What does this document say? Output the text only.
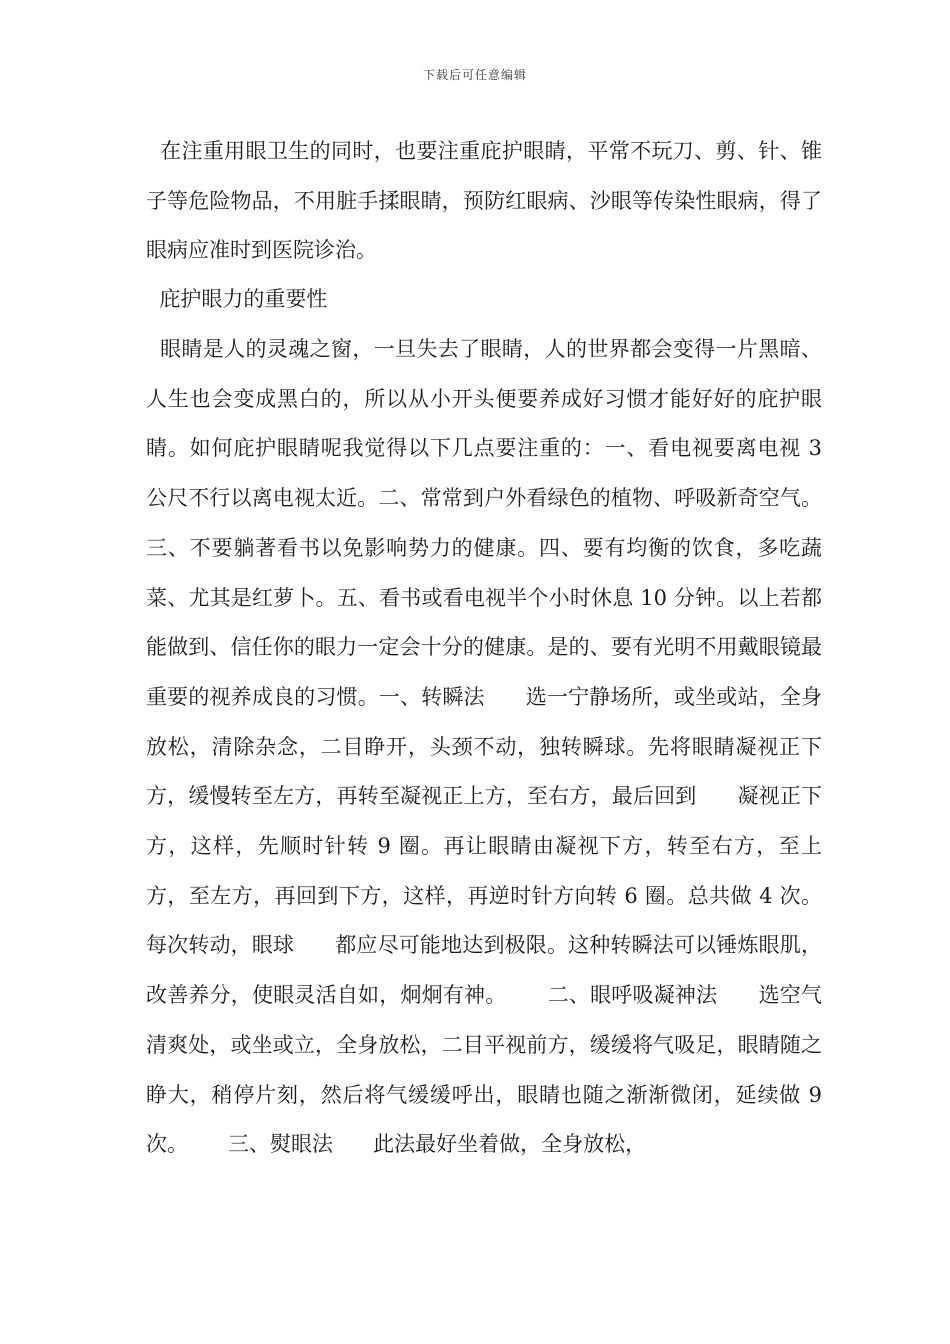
下载后可任意编辑

在注重用眼卫生的同时，也要注重庇护眼睛，平常不玩刀、剪、针、锥子等危险物品，不用脏手揉眼睛，预防红眼病、沙眼等传染性眼病，得了眼病应准时到医院诊治。

庇护眼力的重要性

眼睛是人的灵魂之窗，一旦失去了眼睛，人的世界都会变得一片黑暗、人生也会变成黑白的，所以从小开头便要养成好习惯才能好好的庇护眼睛。如何庇护眼睛呢我觉得以下几点要注重的：一、看电视要离电视 3 公尺不行以离电视太近。二、常常到户外看绿色的植物、呼吸新奇空气。三、不要躺著看书以免影响势力的健康。四、要有均衡的饮食，多吃蔬菜、尤其是红萝卜。五、看书或看电视半个小时休息 10 分钟。以上若都能做到、信任你的眼力一定会十分的健康。是的、要有光明不用戴眼镜最重要的视养成良的习惯。一、转瞬法      选一宁静场所，或坐或站，全身放松，清除杂念，二目睁开，头颈不动，独转瞬球。先将眼睛凝视正下方，缓慢转至左方，再转至凝视正上方，至右方，最后回到      凝视正下方，这样，先顺时针转 9 圈。再让眼睛由凝视下方，转至右方，至上方，至左方，再回到下方，这样，再逆时针方向转 6 圈。总共做 4 次。每次转动，眼球      都应尽可能地达到极限。这种转瞬法可以锤炼眼肌，改善养分，使眼灵活自如，炯炯有神。      二、眼呼吸凝神法      选空气清爽处，或坐或立，全身放松，二目平视前方，缓缓将气吸足，眼睛随之睁大，稍停片刻，然后将气缓缓呼出，眼睛也随之渐渐微闭，延续做 9 次。      三、熨眼法      此法最好坐着做，全身放松，
